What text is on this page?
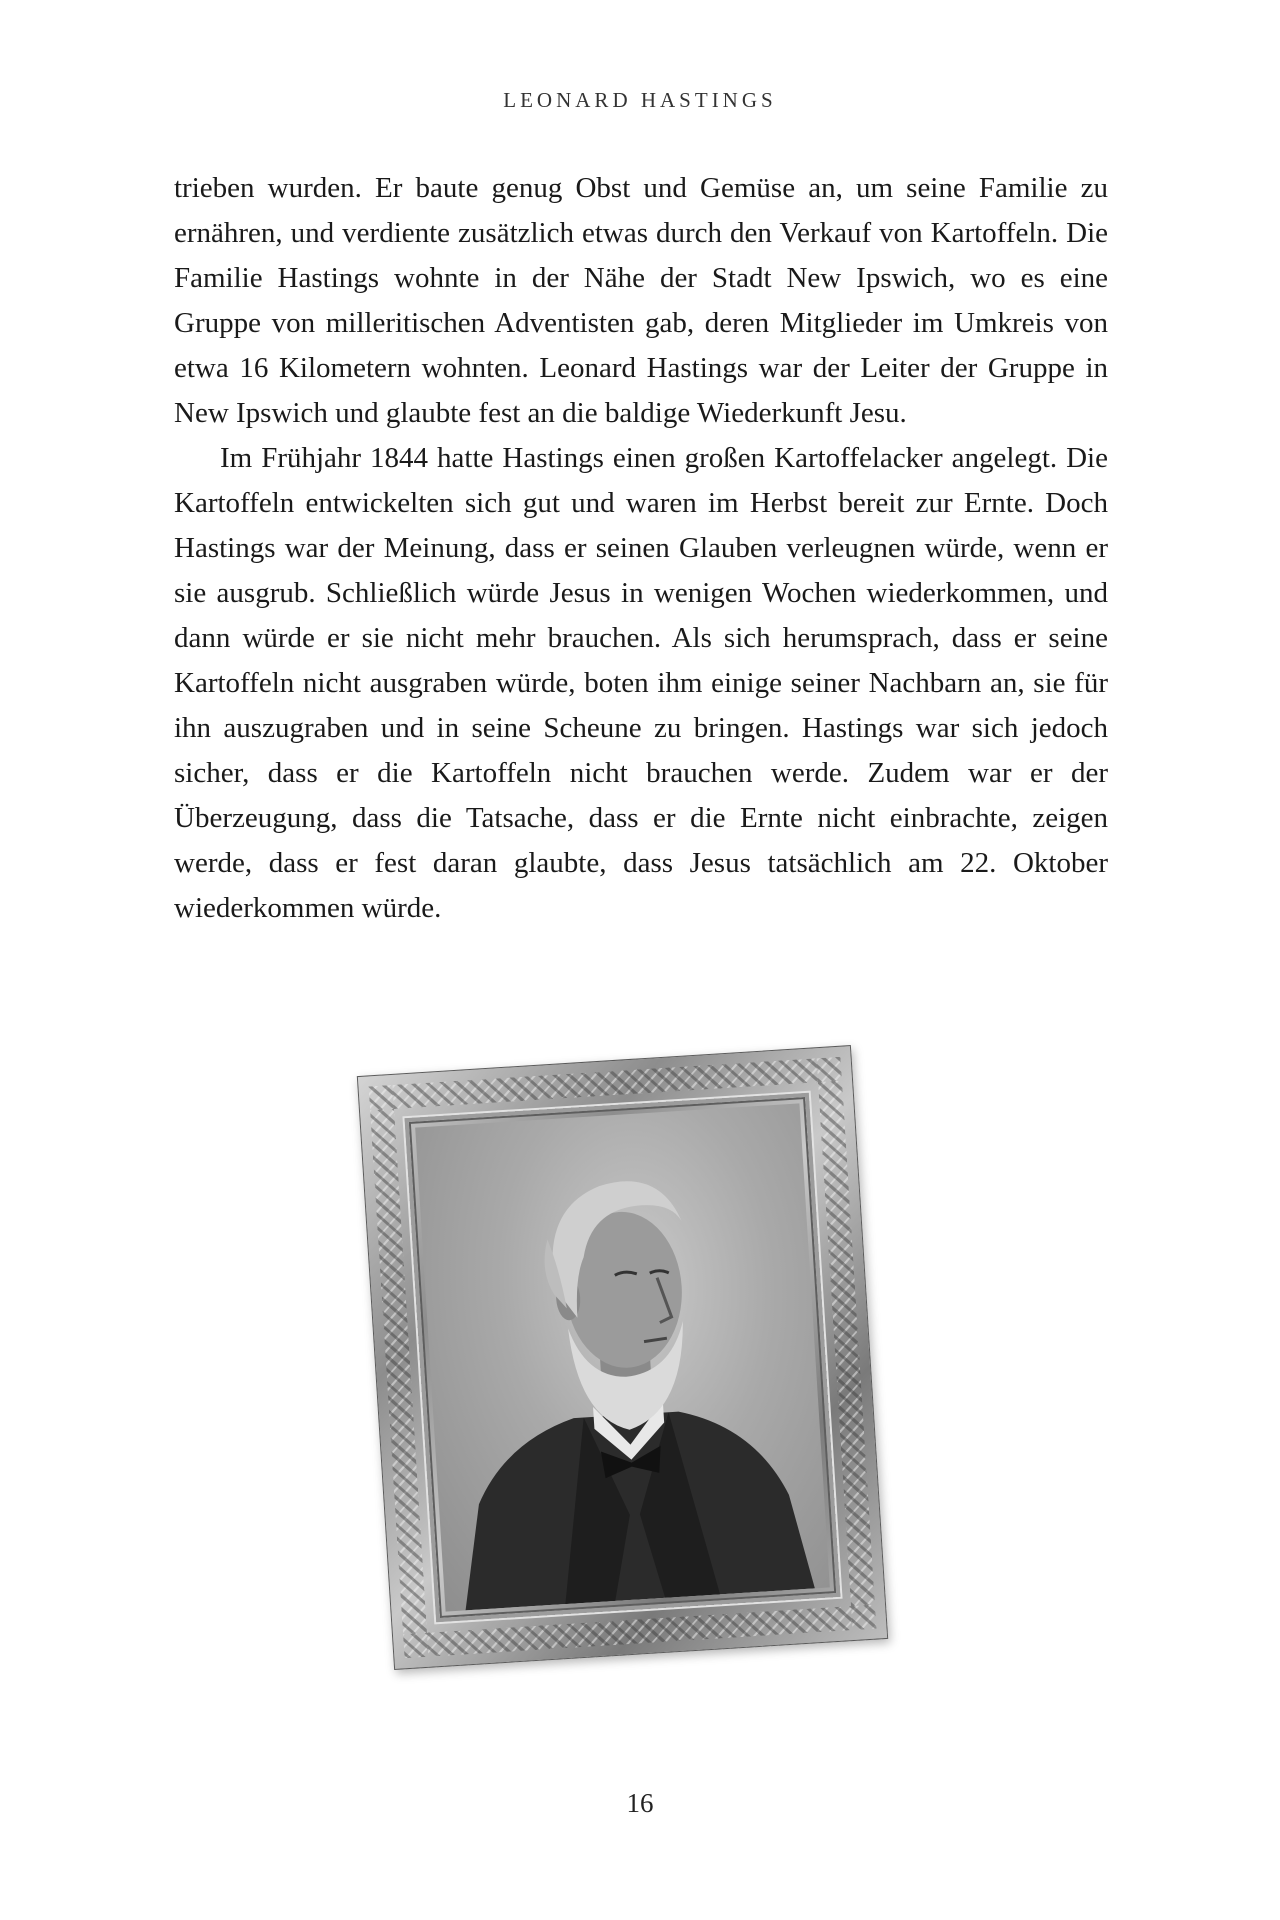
LEONARD HASTINGS

trieben wurden. Er baute genug Obst und Gemüse an, um seine Familie zu ernähren, und verdiente zusätzlich etwas durch den Verkauf von Kartoffeln. Die Familie Hastings wohnte in der Nähe der Stadt New Ipswich, wo es eine Gruppe von milleritischen Adventisten gab, deren Mitglieder im Umkreis von etwa 16 Kilometern wohnten. Leonard Hastings war der Leiter der Gruppe in New Ipswich und glaubte fest an die baldige Wiederkunft Jesu.

Im Frühjahr 1844 hatte Hastings einen großen Kartoffelacker angelegt. Die Kartoffeln entwickelten sich gut und waren im Herbst bereit zur Ernte. Doch Hastings war der Meinung, dass er seinen Glauben verleugnen würde, wenn er sie ausgrub. Schließlich würde Jesus in wenigen Wochen wiederkommen, und dann würde er sie nicht mehr brauchen. Als sich herumsprach, dass er seine Kartoffeln nicht ausgraben würde, boten ihm einige seiner Nachbarn an, sie für ihn auszugraben und in seine Scheune zu bringen. Hastings war sich jedoch sicher, dass er die Kartoffeln nicht brauchen werde. Zudem war er der Überzeugung, dass die Tatsache, dass er die Ernte nicht einbrachte, zeigen werde, dass er fest daran glaubte, dass Jesus tatsächlich am 22. Oktober wiederkommen würde.

16
